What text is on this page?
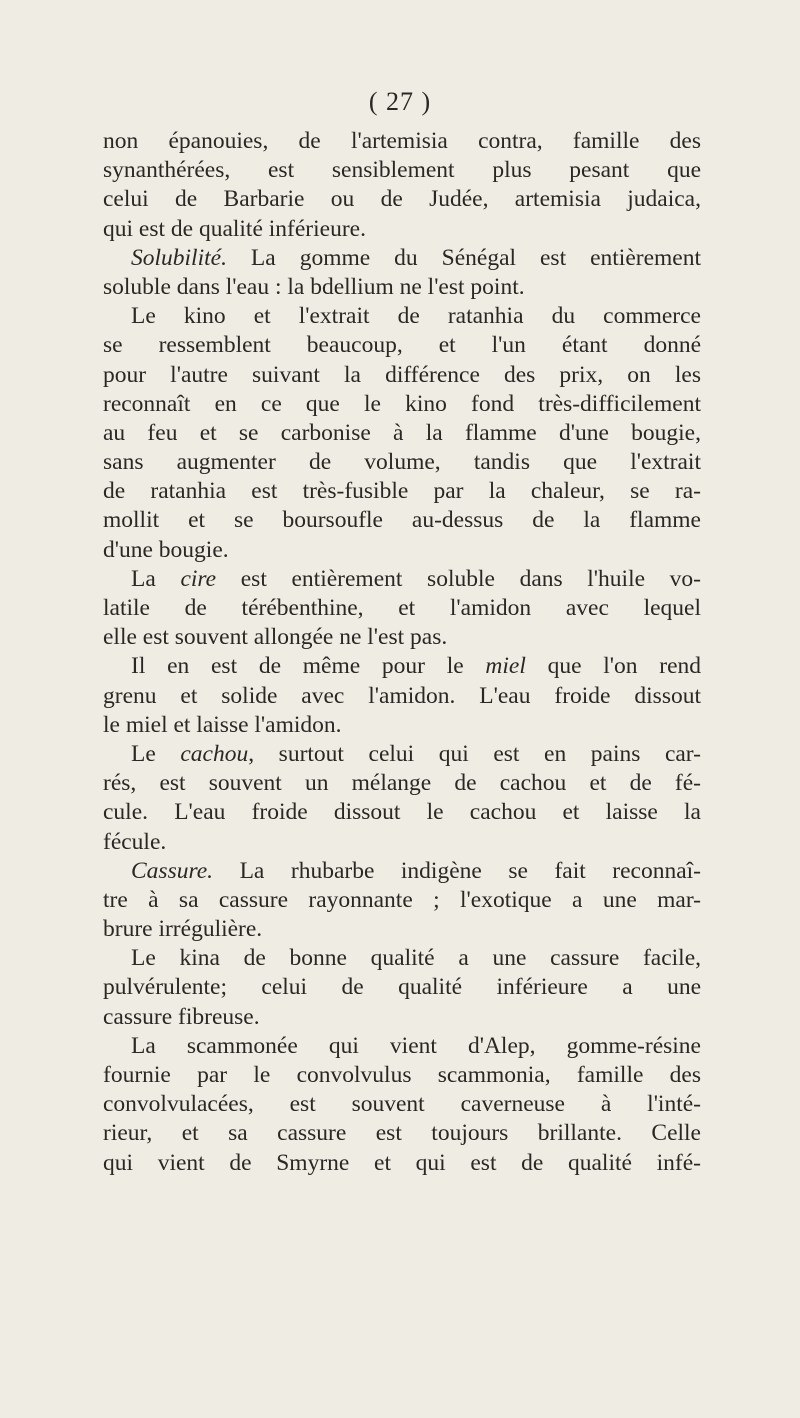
( 27 )
non épanouies, de l'artemisia contra, famille des
synanthérées, est sensiblement plus pesant que
celui de Barbarie ou de Judée, artemisia judaica,
qui est de qualité inférieure.
Solubilité. La gomme du Sénégal est entièrement
soluble dans l'eau : la bdellium ne l'est point.
Le kino et l'extrait de ratanhia du commerce
se ressemblent beaucoup, et l'un étant donné
pour l'autre suivant la différence des prix, on les
reconnaît en ce que le kino fond très-difficilement
au feu et se carbonise à la flamme d'une bougie,
sans augmenter de volume, tandis que l'extrait
de ratanhia est très-fusible par la chaleur, se ra-
mollit et se boursoufle au-dessus de la flamme
d'une bougie.
La cire est entièrement soluble dans l'huile vo-
latile de térébenthine, et l'amidon avec lequel
elle est souvent allongée ne l'est pas.
Il en est de même pour le miel que l'on rend
grenu et solide avec l'amidon. L'eau froide dissout
le miel et laisse l'amidon.
Le cachou, surtout celui qui est en pains car-
rés, est souvent un mélange de cachou et de fé-
cule. L'eau froide dissout le cachou et laisse la
fécule.
Cassure. La rhubarbe indigène se fait reconnaî-
tre à sa cassure rayonnante ; l'exotique a une mar-
brure irrégulière.
Le kina de bonne qualité a une cassure facile,
pulvérulente; celui de qualité inférieure a une
cassure fibreuse.
La scammonée qui vient d'Alep, gomme-résine
fournie par le convolvulus scammonia, famille des
convolvulacées, est souvent caverneuse à l'inté-
rieur, et sa cassure est toujours brillante. Celle
qui vient de Smyrne et qui est de qualité infé-
